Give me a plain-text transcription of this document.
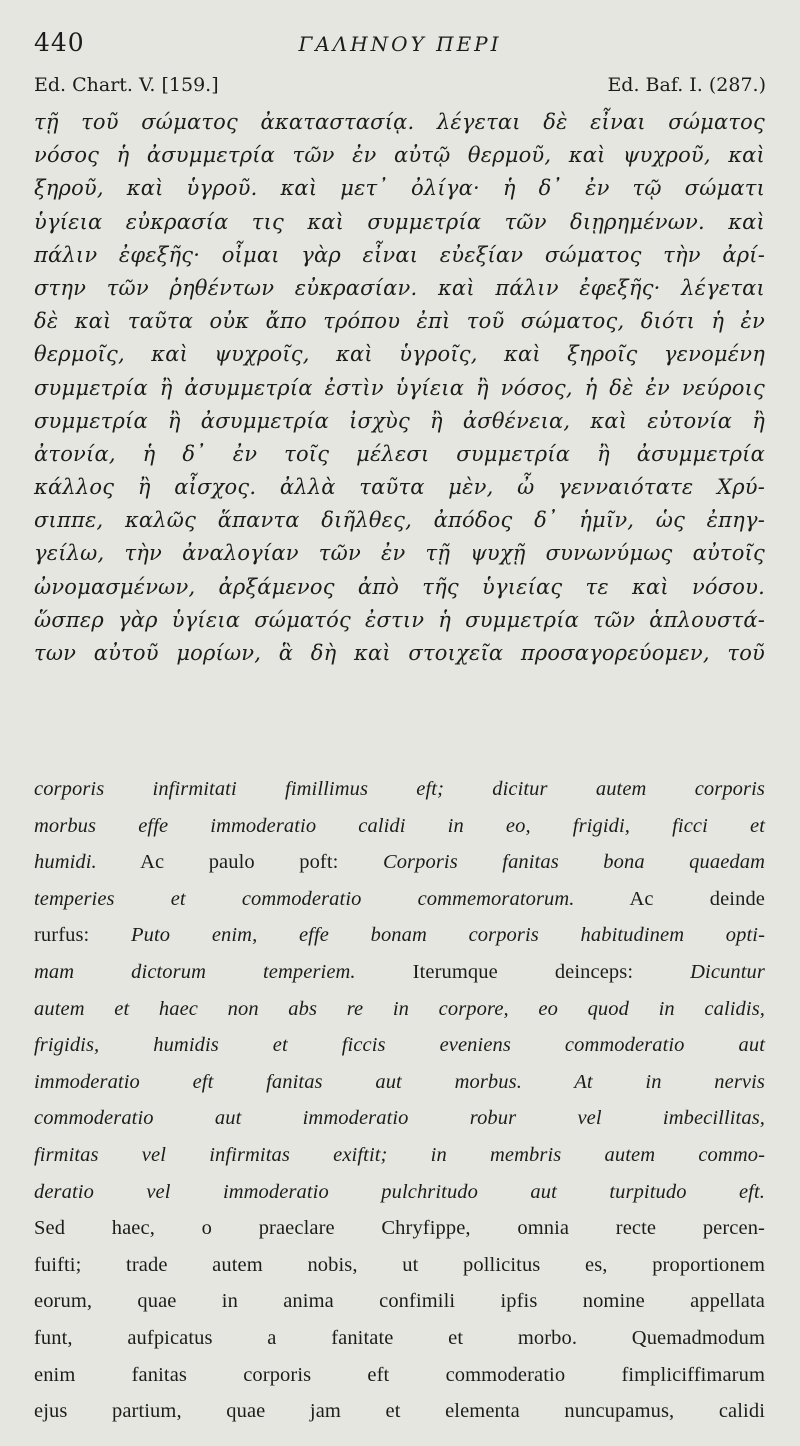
440	ΓΑΛΗΝΟΥ ΠΕΡΙ
Ed. Chart. V. [159.]	Ed. Baf. I. (287.)
τῇ τοῦ σώματος ἀκαταστασίᾳ. λέγεται δὲ εἶναι σώματος
νόσος ἡ ἀσυμμετρία τῶν ἐν αὐτῷ θερμοῦ, καὶ ψυχροῦ, καὶ
ξηροῦ, καὶ ὑγροῦ. καὶ μετ᾽ ὀλίγα· ἡ δ᾽ ἐν τῷ σώματι
ὑγίεια εὐκρασία τις καὶ συμμετρία τῶν διῃρημένων. καὶ
πάλιν ἐφεξῆς· οἶμαι γὰρ εἶναι εὐεξίαν σώματος τὴν ἀρί-
στην τῶν ῥηθέντων εὐκρασίαν. καὶ πάλιν ἐφεξῆς· λέγεται
δὲ καὶ ταῦτα οὐκ ἄπο τρόπου ἐπὶ τοῦ σώματος, διότι ἡ ἐν
θερμοῖς, καὶ ψυχροῖς, καὶ ὑγροῖς, καὶ ξηροῖς γενομένη
συμμετρία ἢ ἀσυμμετρία ἐστὶν ὑγίεια ἢ νόσος, ἡ δὲ ἐν νεύροις
συμμετρία ἢ ἀσυμμετρία ἰσχὺς ἢ ἀσθένεια, καὶ εὐτονία ἢ
ἀτονία, ἡ δ᾽ ἐν τοῖς μέλεσι συμμετρία ἢ ἀσυμμετρία
κάλλος ἢ αἶσχος. ἀλλὰ ταῦτα μὲν, ὦ γενναιότατε Χρύ-
σιππε, καλῶς ἅπαντα διῆλθες, ἀπόδος δ᾽ ἡμῖν, ὡς ἐπηγ-
γείλω, τὴν ἀναλογίαν τῶν ἐν τῇ ψυχῇ συνωνύμως αὐτοῖς
ὠνομασμένων, ἀρξάμενος ἀπὸ τῆς ὑγιείας τε καὶ νόσου.
ὥσπερ γὰρ ὑγίεια σώματός ἐστιν ἡ συμμετρία τῶν ἁπλουστά-
των αὐτοῦ μορίων, ἃ δὴ καὶ στοιχεῖα προσαγορεύομεν, τοῦ
corporis infirmitati fimillimus eft; dicitur autem corporis
morbus effe immoderatio calidi in eo, frigidi, ficci et
humidi. Ac paulo poft: Corporis fanitas bona quaedam
temperies et commoderatio commemoratorum. Ac deinde
rurfus: Puto enim, effe bonam corporis habitudinem opti-
mam dictorum temperiem. Iterumque deinceps: Dicuntur
autem et haec non abs re in corpore, eo quod in calidis,
frigidis, humidis et ficcis eveniens commoderatio aut
immoderatio eft fanitas aut morbus. At in nervis
commoderatio aut immoderatio robur vel imbecillitas,
firmitas vel infirmitas exiftit; in membris autem commo-
deratio vel immoderatio pulchritudo aut turpitudo eft.
Sed haec, o praeclare Chryfippe, omnia recte percen-
fuifti; trade autem nobis, ut pollicitus es, proportionem
eorum, quae in anima confimili ipfis nomine appellata
funt, aufpicatus a fanitate et morbo. Quemadmodum
enim fanitas corporis eft commoderatio fimpliciffimarum
ejus partium, quae jam et elementa nuncupamus, calidi
